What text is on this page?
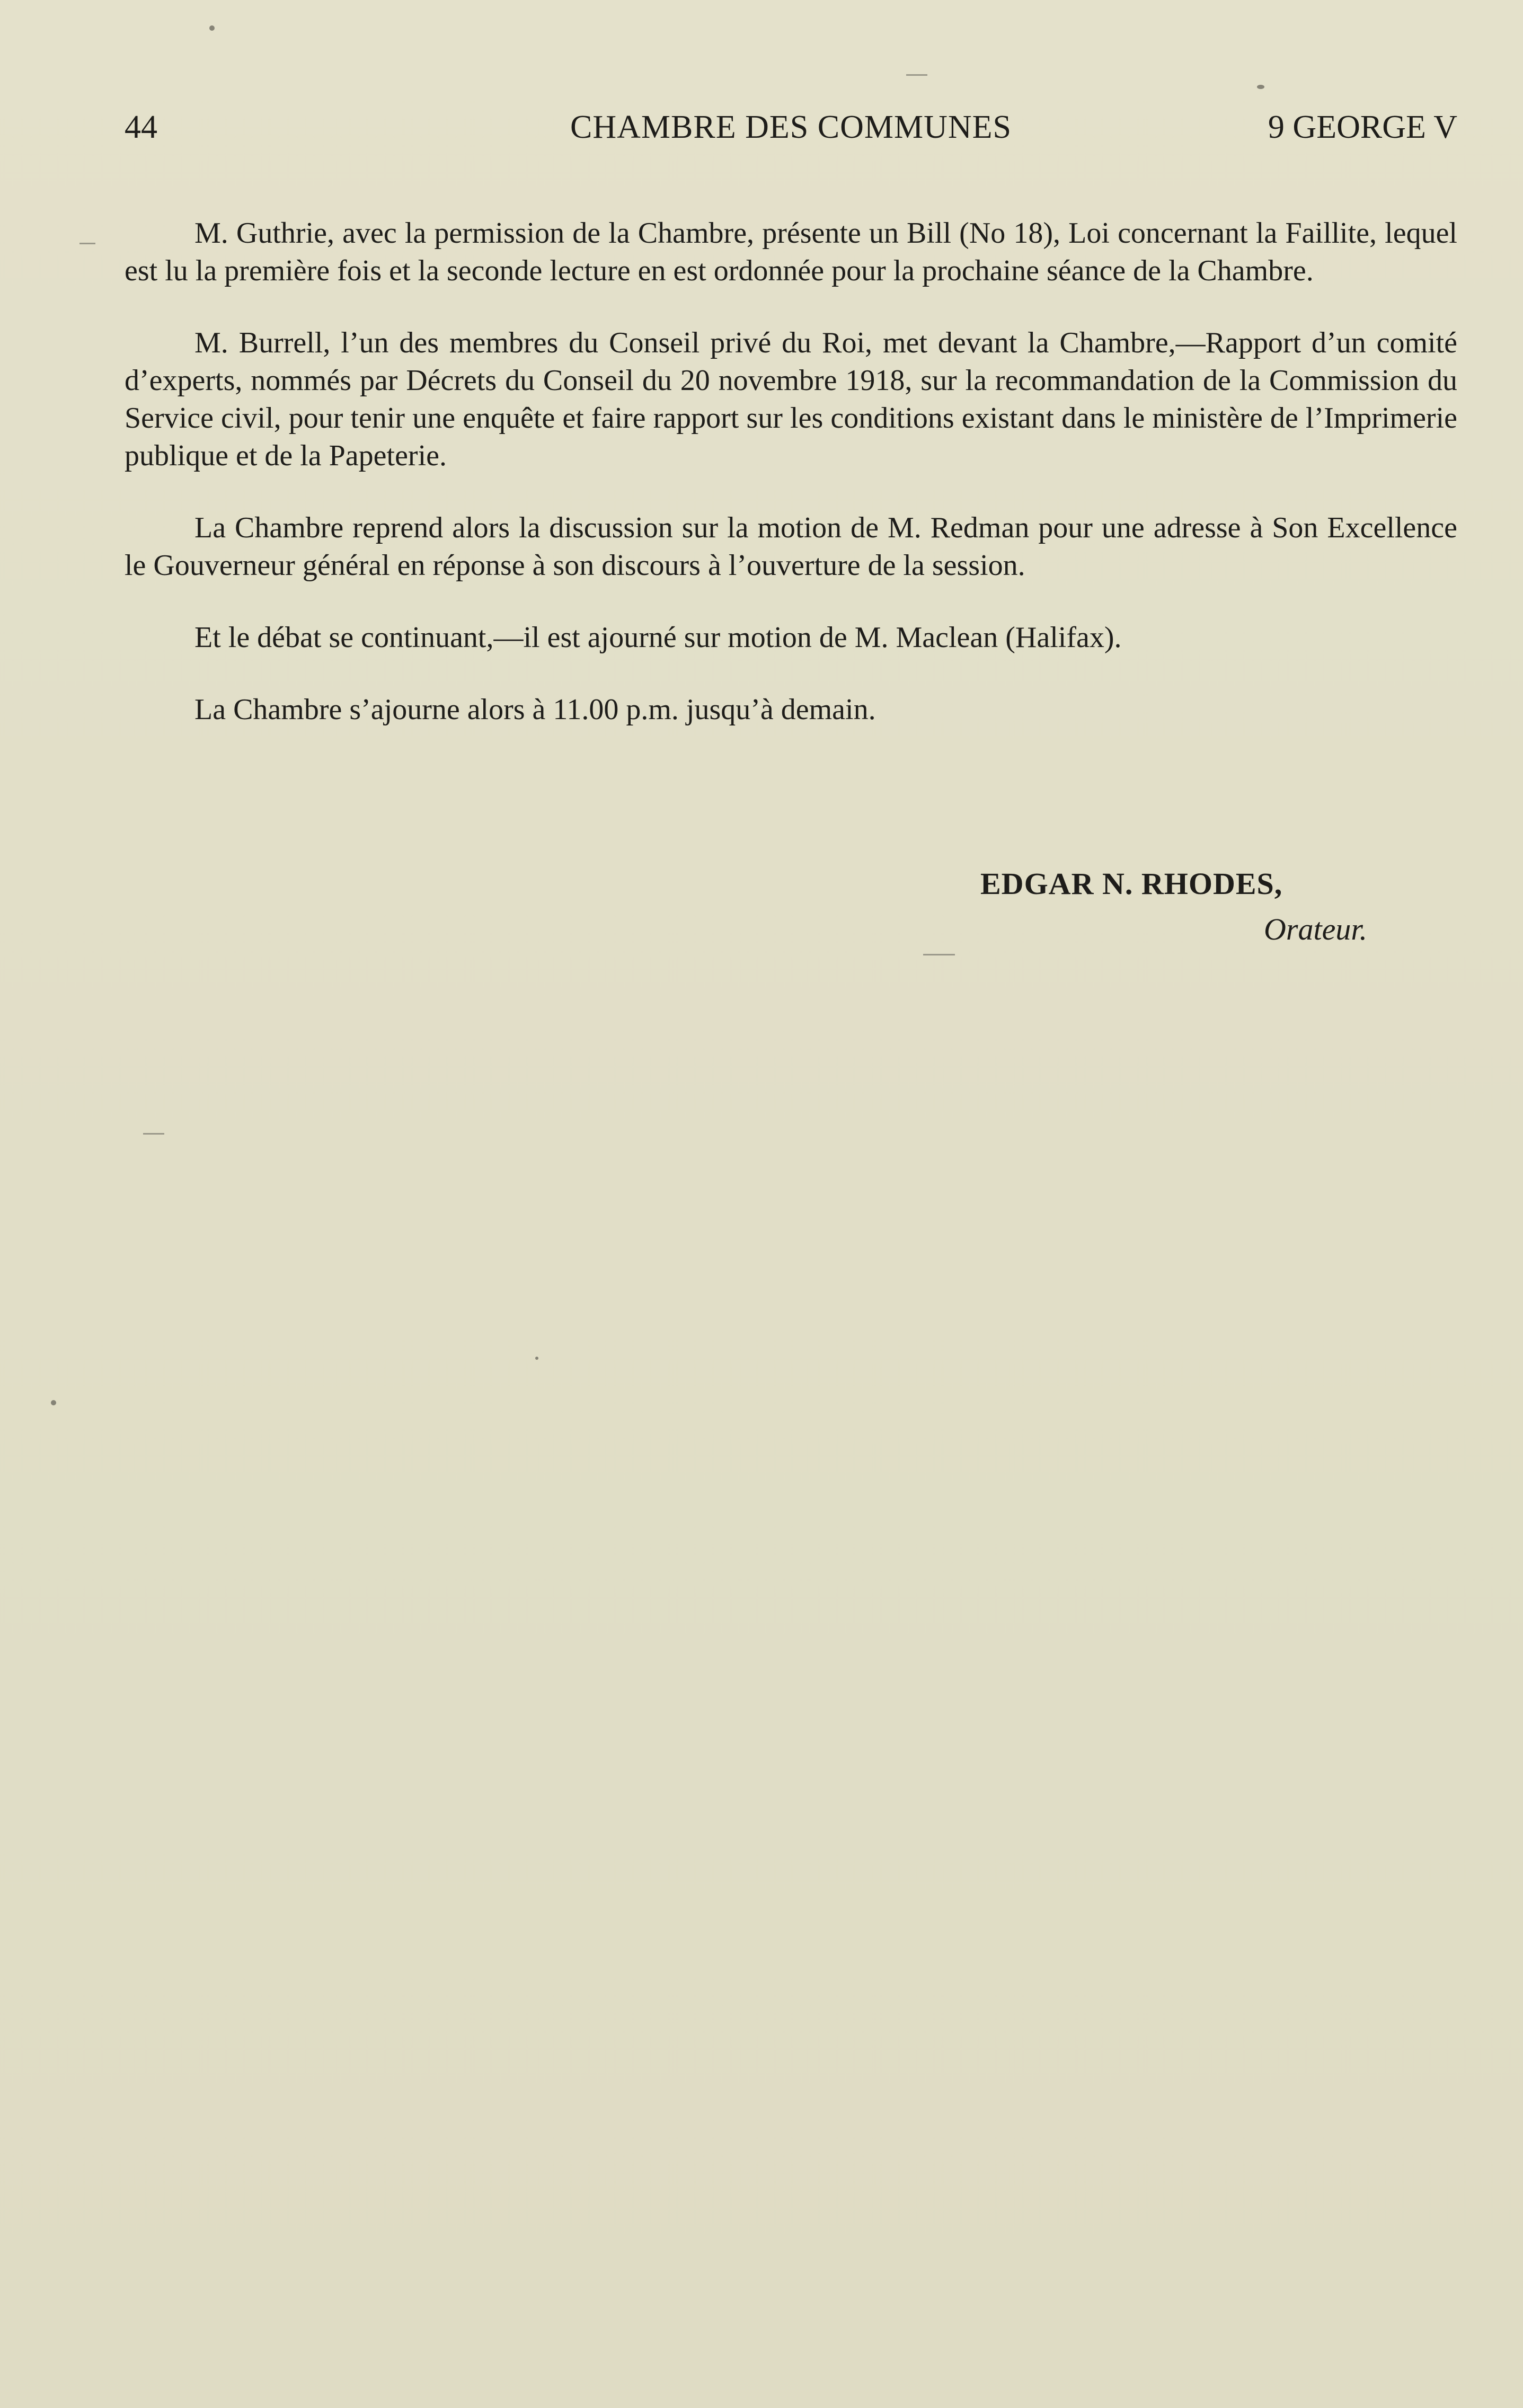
44	CHAMBRE DES COMMUNES	9 GEORGE V

M. Guthrie, avec la permission de la Chambre, présente un Bill (No 18), Loi concernant la Faillite, lequel est lu la première fois et la seconde lecture en est ordonnée pour la prochaine séance de la Chambre.

M. Burrell, l’un des membres du Conseil privé du Roi, met devant la Chambre,—Rapport d’un comité d’experts, nommés par Décrets du Conseil du 20 novembre 1918, sur la recommandation de la Commission du Service civil, pour tenir une enquête et faire rapport sur les conditions existant dans le ministère de l’Imprimerie publique et de la Papeterie.

La Chambre reprend alors la discussion sur la motion de M. Redman pour une adresse à Son Excellence le Gouverneur général en réponse à son discours à l’ouverture de la session.

Et le débat se continuant,—il est ajourné sur motion de M. Maclean (Halifax).

La Chambre s’ajourne alors à 11.00 p.m. jusqu’à demain.

EDGAR N. RHODES,
Orateur.
